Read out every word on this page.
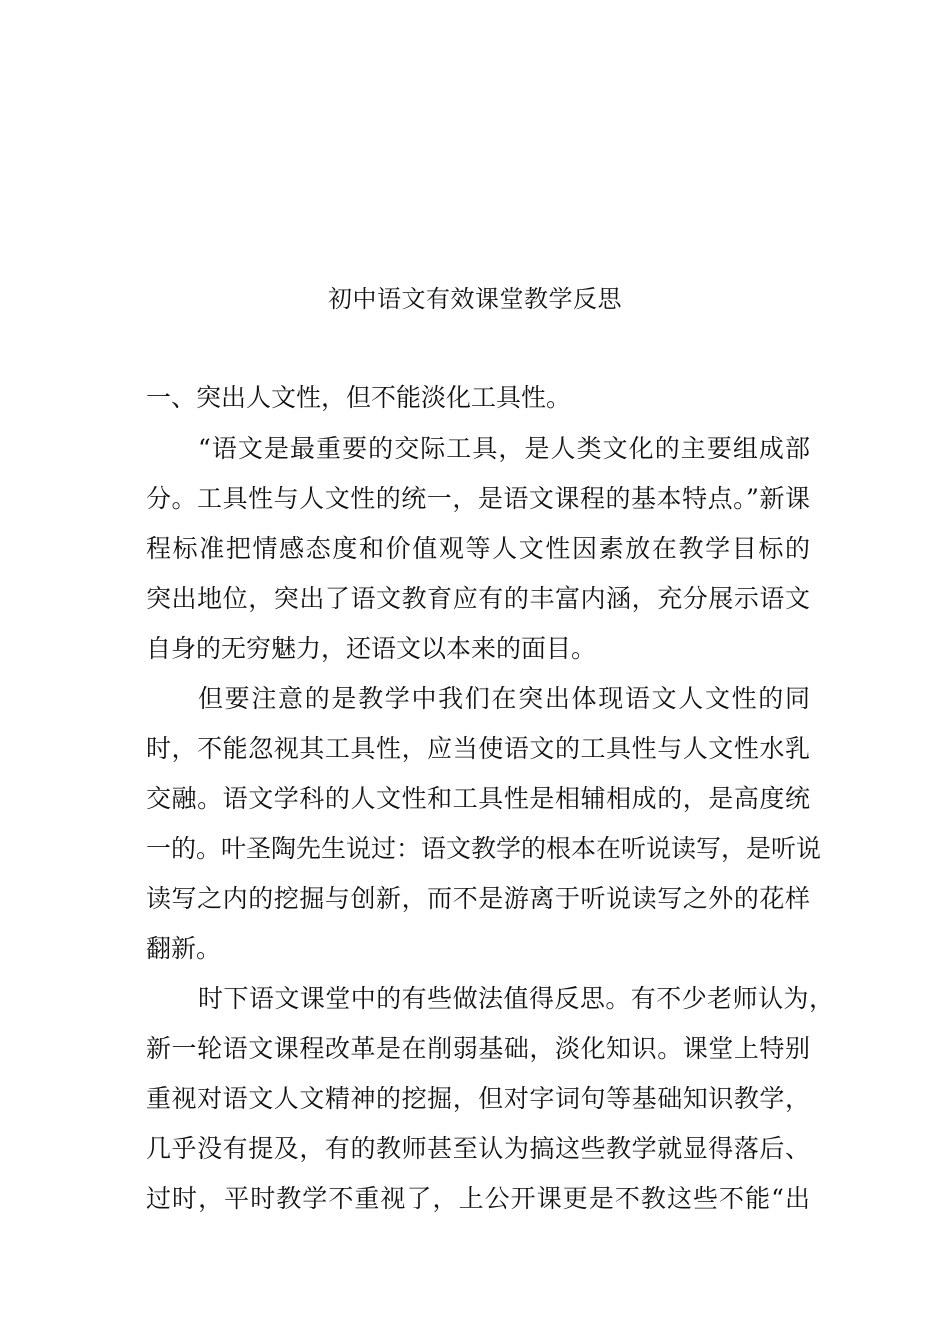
初中语文有效课堂教学反思
一、突出人文性，但不能淡化工具性。
“语文是最重要的交际工具，是人类文化的主要组成部
分。工具性与人文性的统一，是语文课程的基本特点。”新课
程标准把情感态度和价值观等人文性因素放在教学目标的
突出地位，突出了语文教育应有的丰富内涵，充分展示语文
自身的无穷魅力，还语文以本来的面目。
但要注意的是教学中我们在突出体现语文人文性的同
时，不能忽视其工具性，应当使语文的工具性与人文性水乳
交融。语文学科的人文性和工具性是相辅相成的，是高度统
一的。叶圣陶先生说过：语文教学的根本在听说读写，是听说
读写之内的挖掘与创新，而不是游离于听说读写之外的花样
翻新。
时下语文课堂中的有些做法值得反思。有不少老师认为，
新一轮语文课程改革是在削弱基础，淡化知识。课堂上特别
重视对语文人文精神的挖掘，但对字词句等基础知识教学，
几乎没有提及，有的教师甚至认为搞这些教学就显得落后、
过时，平时教学不重视了，上公开课更是不教这些不能“出
